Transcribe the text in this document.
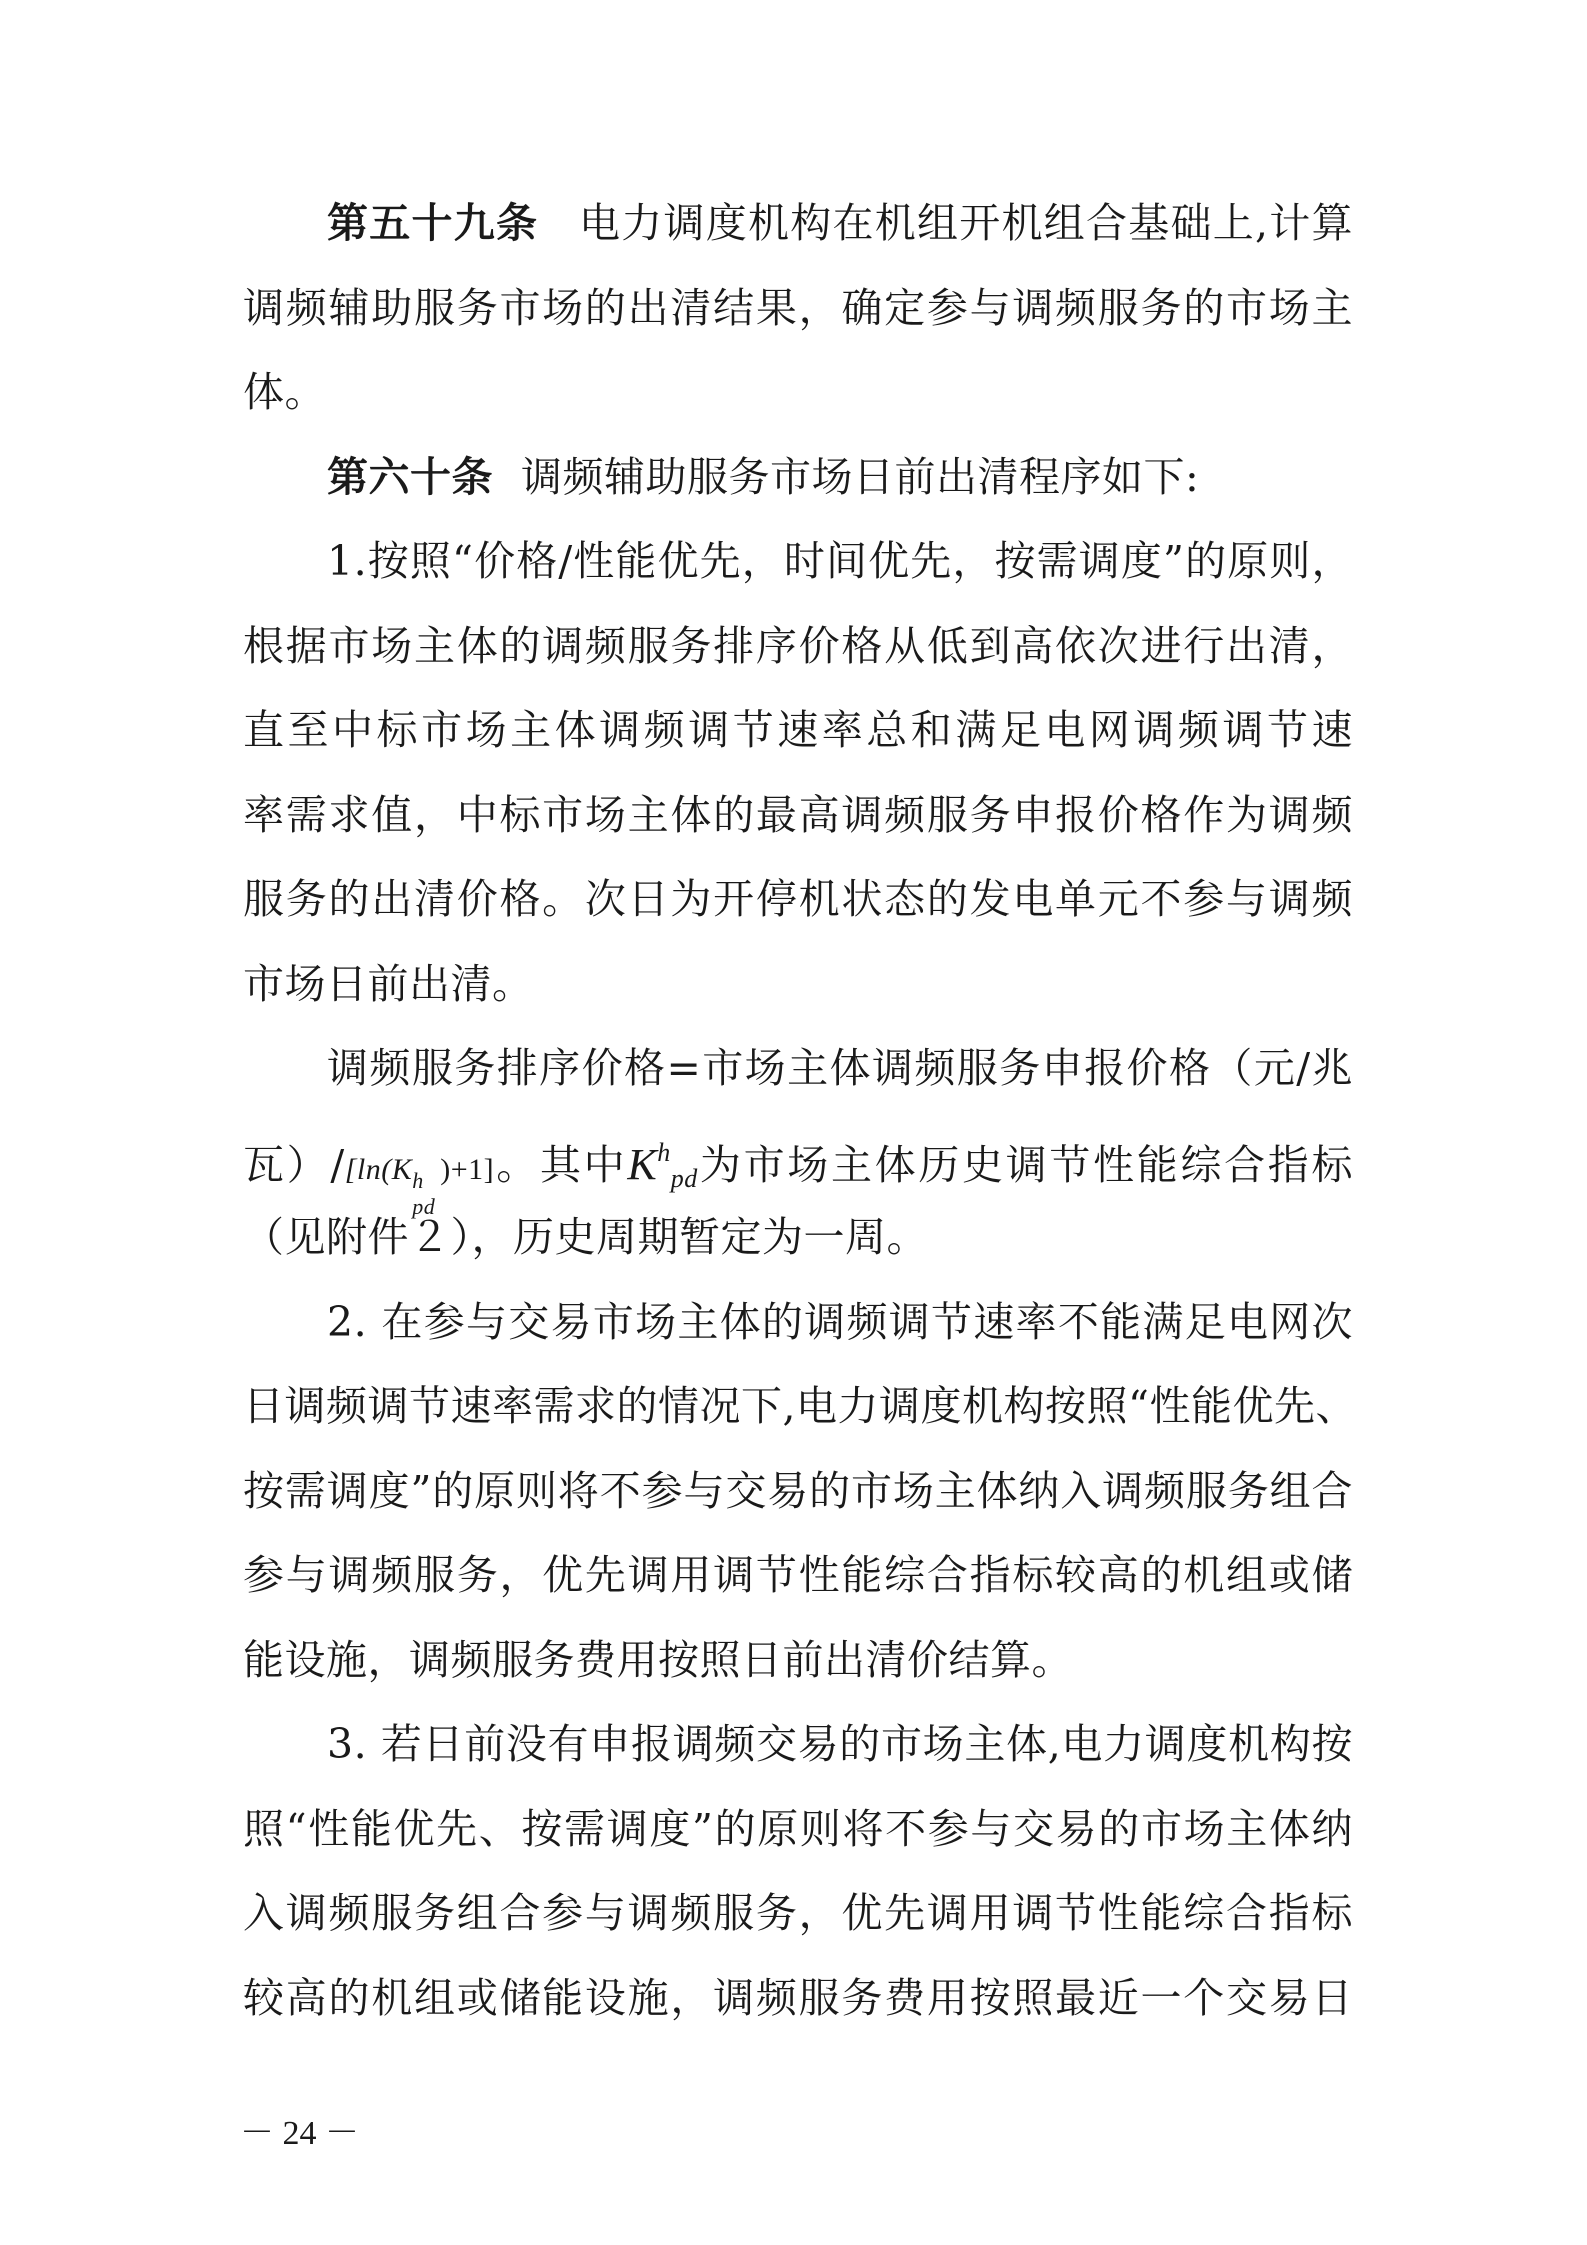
第五十九条 电力调度机构在机组开机组合基础上,计算
调频辅助服务市场的出清结果，确定参与调频服务的市场主
体。
第六十条 调频辅助服务市场日前出清程序如下:
1.按照“价格/性能优先，时间优先，按需调度”的原则，
根据市场主体的调频服务排序价格从低到高依次进行出清，
直至中标市场主体调频调节速率总和满足电网调频调节速
率需求值，中标市场主体的最高调频服务申报价格作为调频
服务的出清价格。次日为开停机状态的发电单元不参与调频
市场日前出清。
调频服务排序价格=市场主体调频服务申报价格（元/兆
瓦）/[ln(K h
pd
)+1]。其中$K^h_{pd}$为市场主体历史调节性能综合指标
（见附件２），历史周期暂定为一周。
2. 在参与交易市场主体的调频调节速率不能满足电网次
日调频调节速率需求的情况下,电力调度机构按照“性能优先、
按需调度”的原则将不参与交易的市场主体纳入调频服务组合
参与调频服务，优先调用调节性能综合指标较高的机组或储
能设施，调频服务费用按照日前出清价结算。
3. 若日前没有申报调频交易的市场主体,电力调度机构按
照“性能优先、按需调度”的原则将不参与交易的市场主体纳
入调频服务组合参与调频服务，优先调用调节性能综合指标
较高的机组或储能设施，调频服务费用按照最近一个交易日
－ 24 －
